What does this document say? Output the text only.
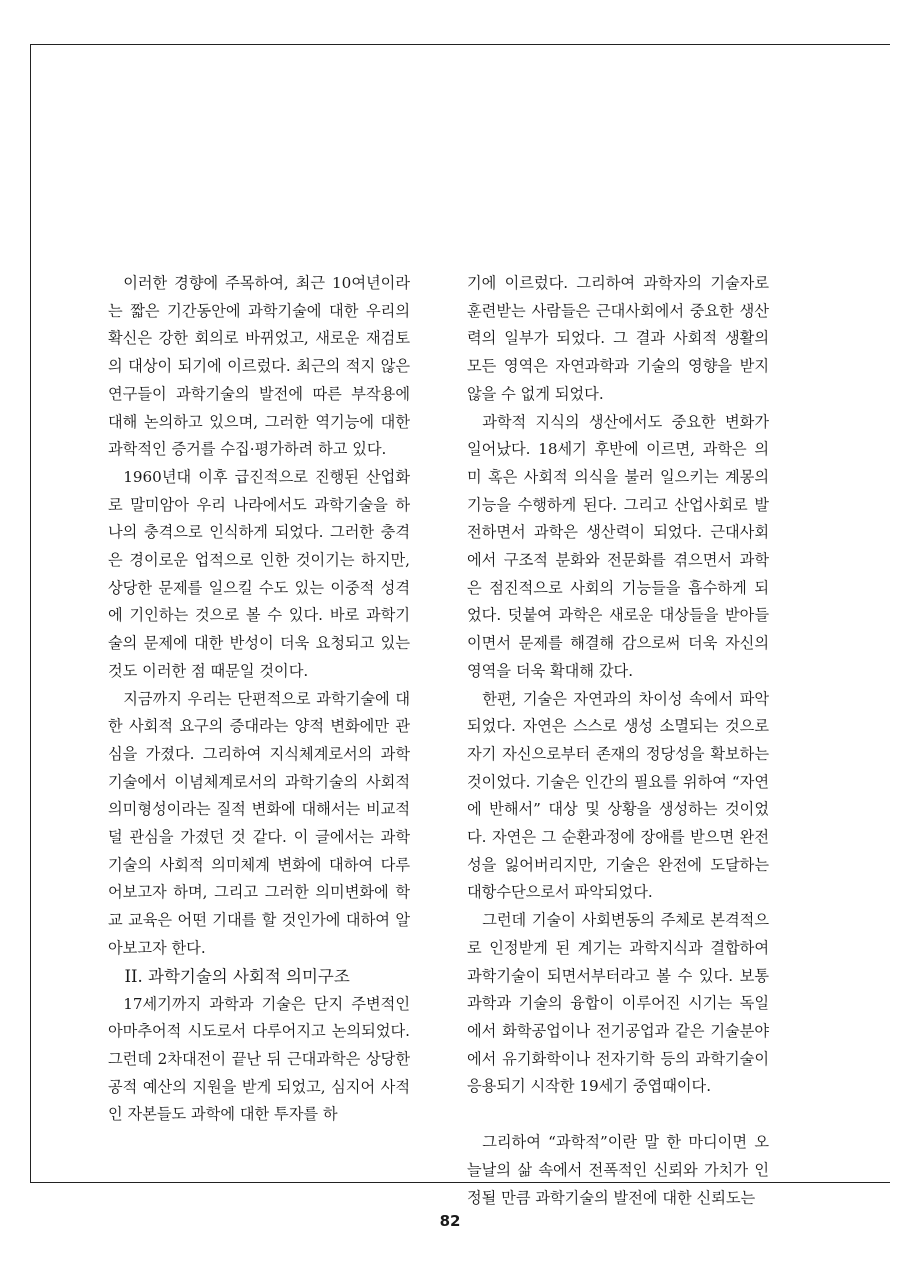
이러한 경향에 주목하여, 최근 10여년이라는 짧은 기간동안에 과학기술에 대한 우리의 확신은 강한 회의로 바뀌었고, 새로운 재검토의 대상이 되기에 이르렀다. 최근의 적지 않은 연구들이 과학기술의 발전에 따른 부작용에 대해 논의하고 있으며, 그러한 역기능에 대한 과학적인 증거를 수집·평가하려 하고 있다.

1960년대 이후 급진적으로 진행된 산업화로 말미암아 우리 나라에서도 과학기술을 하나의 충격으로 인식하게 되었다. 그러한 충격은 경이로운 업적으로 인한 것이기는 하지만, 상당한 문제를 일으킬 수도 있는 이중적 성격에 기인하는 것으로 볼 수 있다. 바로 과학기술의 문제에 대한 반성이 더욱 요청되고 있는 것도 이러한 점 때문일 것이다.

지금까지 우리는 단편적으로 과학기술에 대한 사회적 요구의 증대라는 양적 변화에만 관심을 가졌다. 그리하여 지식체계로서의 과학기술에서 이념체계로서의 과학기술의 사회적 의미형성이라는 질적 변화에 대해서는 비교적 덜 관심을 가졌던 것 같다. 이 글에서는 과학기술의 사회적 의미체계 변화에 대하여 다루어보고자 하며, 그리고 그러한 의미변화에 학교 교육은 어떤 기대를 할 것인가에 대하여 알아보고자 한다.

II. 과학기술의 사회적 의미구조

17세기까지 과학과 기술은 단지 주변적인 아마추어적 시도로서 다루어지고 논의되었다. 그런데 2차대전이 끝난 뒤 근대과학은 상당한 공적 예산의 지원을 받게 되었고, 심지어 사적인 자본들도 과학에 대한 투자를 하

기에 이르렀다. 그리하여 과학자의 기술자로 훈련받는 사람들은 근대사회에서 중요한 생산력의 일부가 되었다. 그 결과 사회적 생활의 모든 영역은 자연과학과 기술의 영향을 받지 않을 수 없게 되었다.

과학적 지식의 생산에서도 중요한 변화가 일어났다. 18세기 후반에 이르면, 과학은 의미 혹은 사회적 의식을 불러 일으키는 계몽의 기능을 수행하게 된다. 그리고 산업사회로 발전하면서 과학은 생산력이 되었다. 근대사회에서 구조적 분화와 전문화를 겪으면서 과학은 점진적으로 사회의 기능들을 흡수하게 되었다. 덧붙여 과학은 새로운 대상들을 받아들이면서 문제를 해결해 감으로써 더욱 자신의 영역을 더욱 확대해 갔다.

한편, 기술은 자연과의 차이성 속에서 파악되었다. 자연은 스스로 생성 소멸되는 것으로 자기 자신으로부터 존재의 정당성을 확보하는 것이었다. 기술은 인간의 필요를 위하여 “자연에 반해서” 대상 및 상황을 생성하는 것이었다. 자연은 그 순환과정에 장애를 받으면 완전성을 잃어버리지만, 기술은 완전에 도달하는 대항수단으로서 파악되었다.

그런데 기술이 사회변동의 주체로 본격적으로 인정받게 된 계기는 과학지식과 결합하여 과학기술이 되면서부터라고 볼 수 있다. 보통 과학과 기술의 융합이 이루어진 시기는 독일에서 화학공업이나 전기공업과 같은 기술분야에서 유기화학이나 전자기학 등의 과학기술이 응용되기 시작한 19세기 중엽때이다.

그리하여 “과학적”이란 말 한 마디이면 오늘날의 삶 속에서 전폭적인 신뢰와 가치가 인정될 만큼 과학기술의 발전에 대한 신뢰도는

82
